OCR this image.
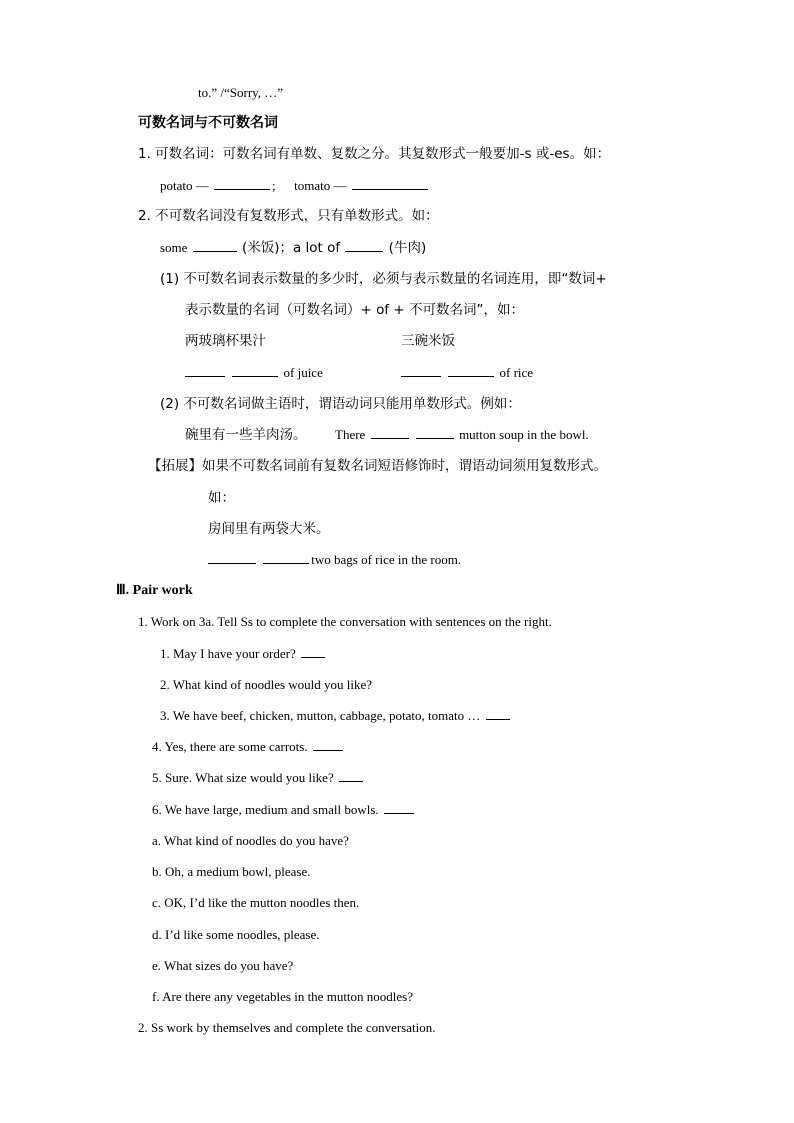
to.” /“Sorry, …”
可数名词与不可数名词
1. 可数名词：可数名词有单数、复数之分。其复数形式一般要加-s 或-es。如：
potato —	; tomato —
2. 不可数名词没有复数形式，只有单数形式。如：
some	(米饭)；a lot of	(牛肉)
(1) 不可数名词表示数量的多少时，必须与表示数量的名词连用，即“数词+
表示数量的名词（可数名词）+ of + 不可数名词”，如：
两玻璃杯果汁	三碗米饭
of juice	of rice
(2) 不可数名词做主语时，谓语动词只能用单数形式。例如：
碗里有一些羊肉汤。 There	mutton soup in the bowl.
【拓展】如果不可数名词前有复数名词短语修饰时，谓语动词须用复数形式。
如：
房间里有两袋大米。
two bags of rice in the room.
Ⅲ. Pair work
1. Work on 3a. Tell Ss to complete the conversation with sentences on the right.
1. May I have your order?
2. What kind of noodles would you like?
3. We have beef, chicken, mutton, cabbage, potato, tomato …
4. Yes, there are some carrots.
5. Sure. What size would you like?
6. We have large, medium and small bowls.
a. What kind of noodles do you have?
b. Oh, a medium bowl, please.
c. OK, I’d like the mutton noodles then.
d. I’d like some noodles, please.
e. What sizes do you have?
f. Are there any vegetables in the mutton noodles?
2. Ss work by themselves and complete the conversation.
